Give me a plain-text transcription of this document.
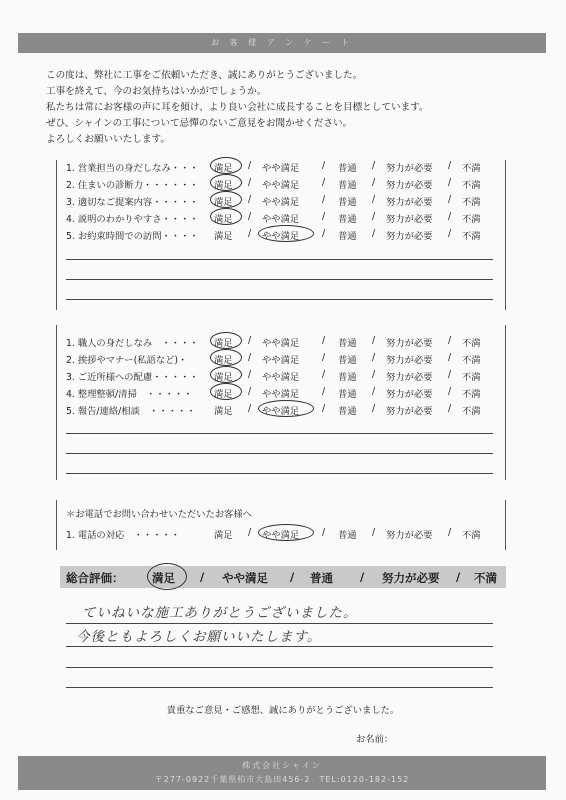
お 客 様 ア ン ケ ー ト

この度は、弊社に工事をご依頼いただき、誠にありがとうございました。

工事を終えて、今のお気持ちはいかがでしょうか。

私たちは常にお客様の声に耳を傾け、より良い会社に成長することを目標としています。

ぜひ、シャインの工事について忌憚のないご意見をお聞かせください。

よろしくお願いいたします。

1. 営業担当の身だしなみ・・・ 満足	やや満足	普通	努力が必要	不満
/	/	/	/
2. 住まいの診断力・・・・・・ 満足	やや満足	普通	努力が必要	不満
/	/	/	/
3. 適切なご提案内容・・・・・ 満足	やや満足	普通	努力が必要	不満
/	/	/	/
4. 説明のわかりやすさ・・・・ 満足	やや満足	普通	努力が必要	不満
/	/	/	/
5. お約束時間での訪問・・・・ 満足	やや満足	普通	努力が必要	不満
/	/	/	/
1. 職人の身だしなみ　・・・・ 満足	やや満足	普通	努力が必要	不満
/	/	/	/
2. 挨拶やマナー(私語など)・	満足	やや満足	普通	努力が必要	不満
/	/	/	/
3. ご近所様への配慮・・・・・ 満足	やや満足	普通	努力が必要	不満
/	/	/	/
4. 整理整頓/清掃　・・・・・ 満足	やや満足	普通	努力が必要	不満
/	/	/	/
5. 報告/連絡/相談　・・・・・ 満足	やや満足	普通	努力が必要	不満
/	/	/	/
＊お電話でお問い合わせいただいたお客様へ
1. 電話の対応　・・・・・	満足	やや満足	普通	努力が必要	不満
/	/	/	/
総合評価： 満足 / やや満足 / 普通 / 努力が必要 / 不満
ていねいな施工ありがとうございました。
今後ともよろしくお願いいたします。
貴重なご意見・ご感想、誠にありがとうございました。
お名前：
株式会社シャイン
〒277-0922千葉県柏市大島田456-2　TEL:0120-182-152
